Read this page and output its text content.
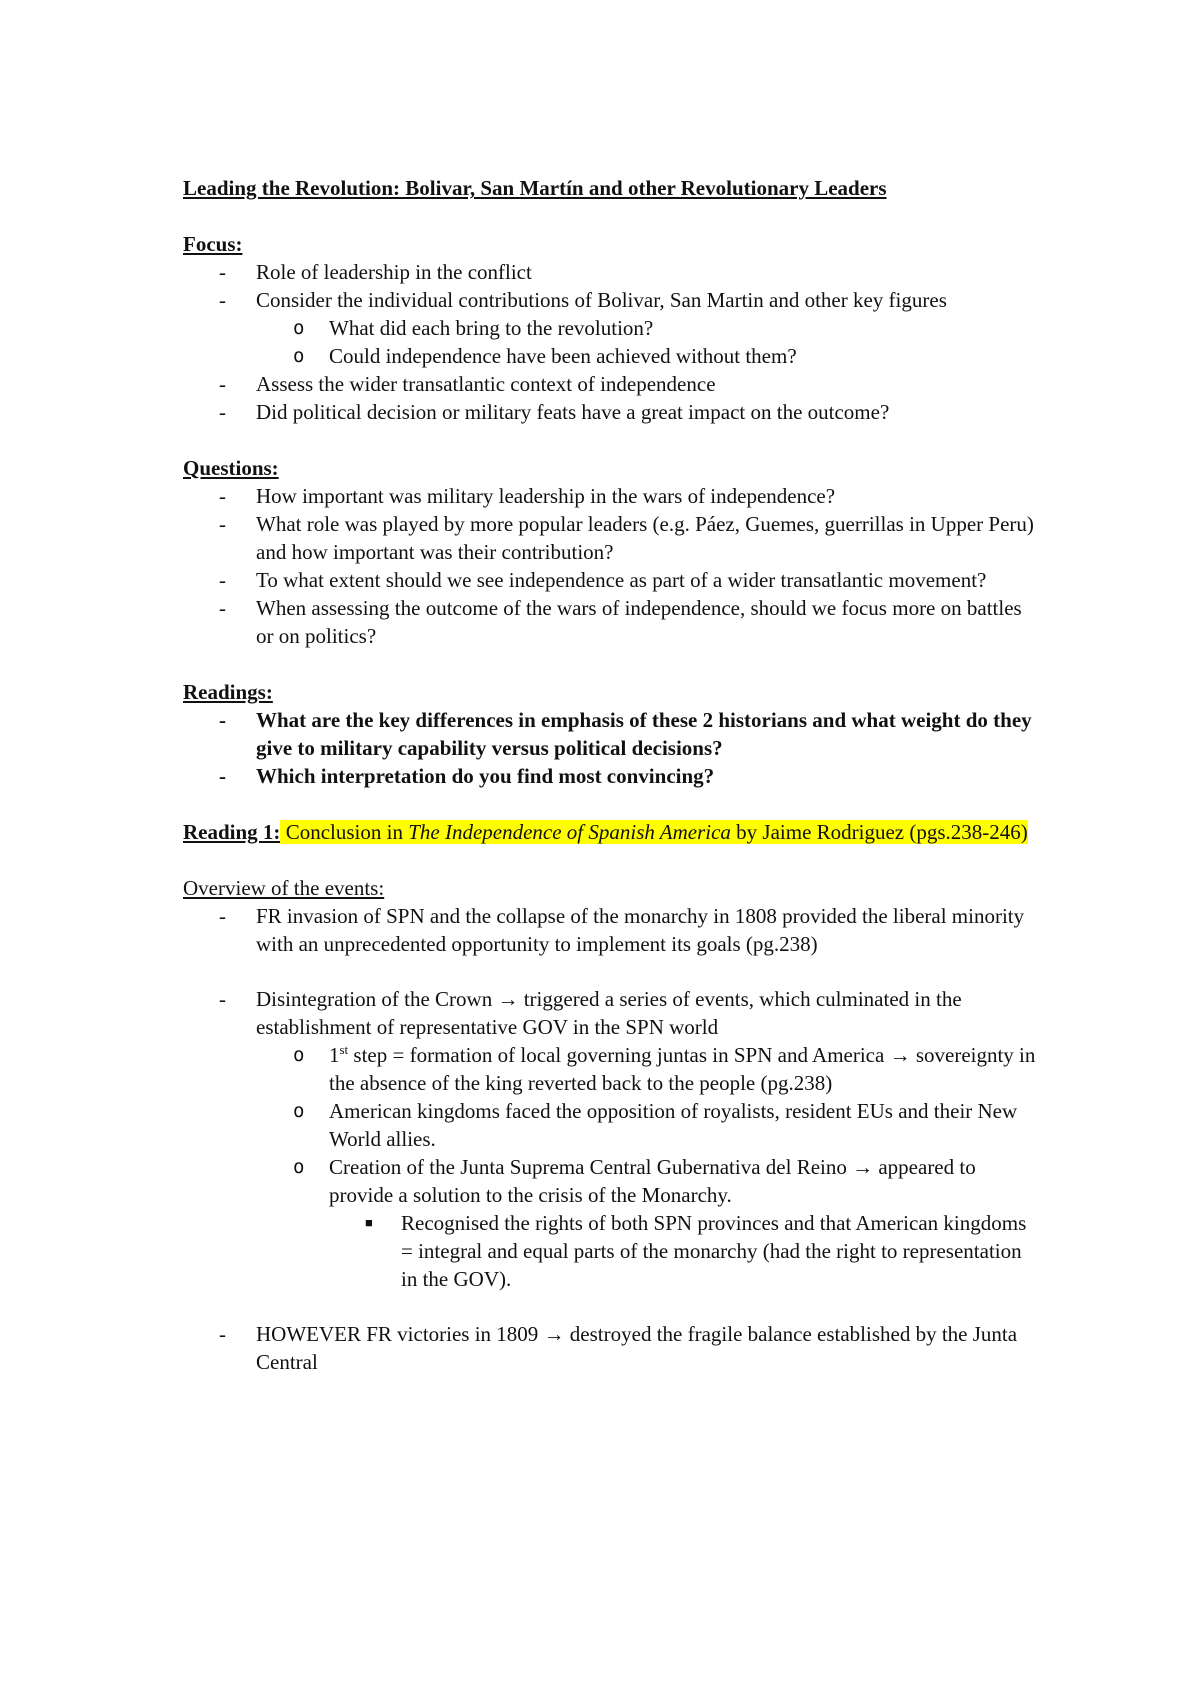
Leading the Revolution: Bolivar, San Martín and other Revolutionary Leaders

Focus:

- Role of leadership in the conflict
- Consider the individual contributions of Bolivar, San Martin and other key figures
o What did each bring to the revolution?
o Could independence have been achieved without them?
- Assess the wider transatlantic context of independence
- Did political decision or military feats have a great impact on the outcome?

Questions:

- How important was military leadership in the wars of independence?
- What role was played by more popular leaders (e.g. Páez, Guemes, guerrillas in Upper Peru) and how important was their contribution?
- To what extent should we see independence as part of a wider transatlantic movement?
- When assessing the outcome of the wars of independence, should we focus more on battles or on politics?

Readings:

- What are the key differences in emphasis of these 2 historians and what weight do they give to military capability versus political decisions?
- Which interpretation do you find most convincing?

Reading 1: Conclusion in The Independence of Spanish America by Jaime Rodriguez (pgs.238-246)

Overview of the events:

- FR invasion of SPN and the collapse of the monarchy in 1808 provided the liberal minority with an unprecedented opportunity to implement its goals (pg.238)
- Disintegration of the Crown → triggered a series of events, which culminated in the establishment of representative GOV in the SPN world
o 1st step = formation of local governing juntas in SPN and America → sovereignty in the absence of the king reverted back to the people (pg.238)
o American kingdoms faced the opposition of royalists, resident EUs and their New World allies.
o Creation of the Junta Suprema Central Gubernativa del Reino → appeared to provide a solution to the crisis of the Monarchy.
■ Recognised the rights of both SPN provinces and that American kingdoms = integral and equal parts of the monarchy (had the right to representation in the GOV).
- HOWEVER FR victories in 1809 → destroyed the fragile balance established by the Junta Central
